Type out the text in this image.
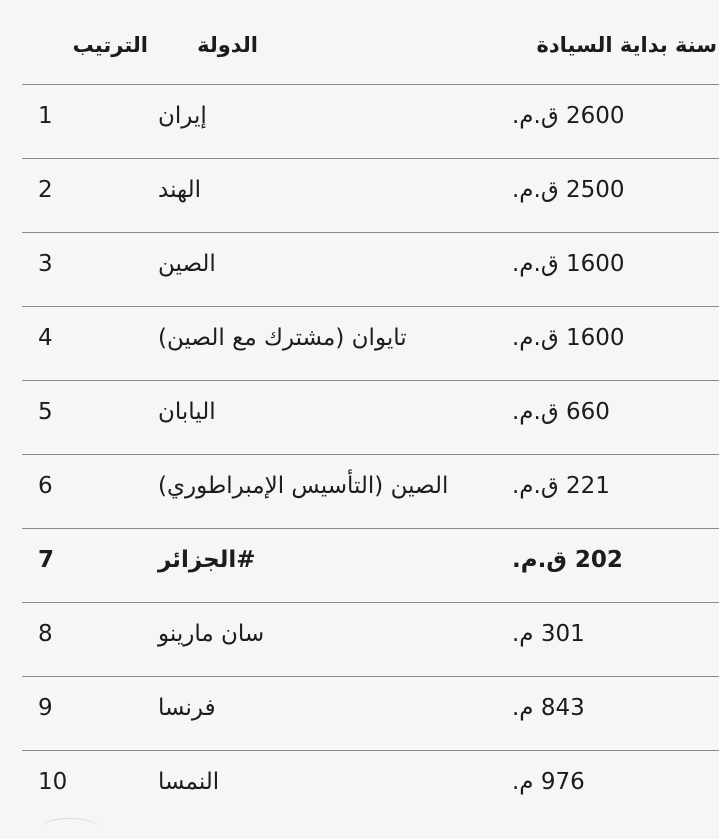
الترتيب	الدولة	سنة بداية السيادة
1	إيران	2600 ق.م.
2	الهند	2500 ق.م.
3	الصين	1600 ق.م.
4	تايوان (مشترك مع الصين)	1600 ق.م.
5	اليابان	660 ق.م.
6	الصين (التأسيس الإمبراطوري)	221 ق.م.
7	#الجزائر	202 ق.م.
8	سان مارينو	301 م.
9	فرنسا	843 م.
10	النمسا	976 م.
